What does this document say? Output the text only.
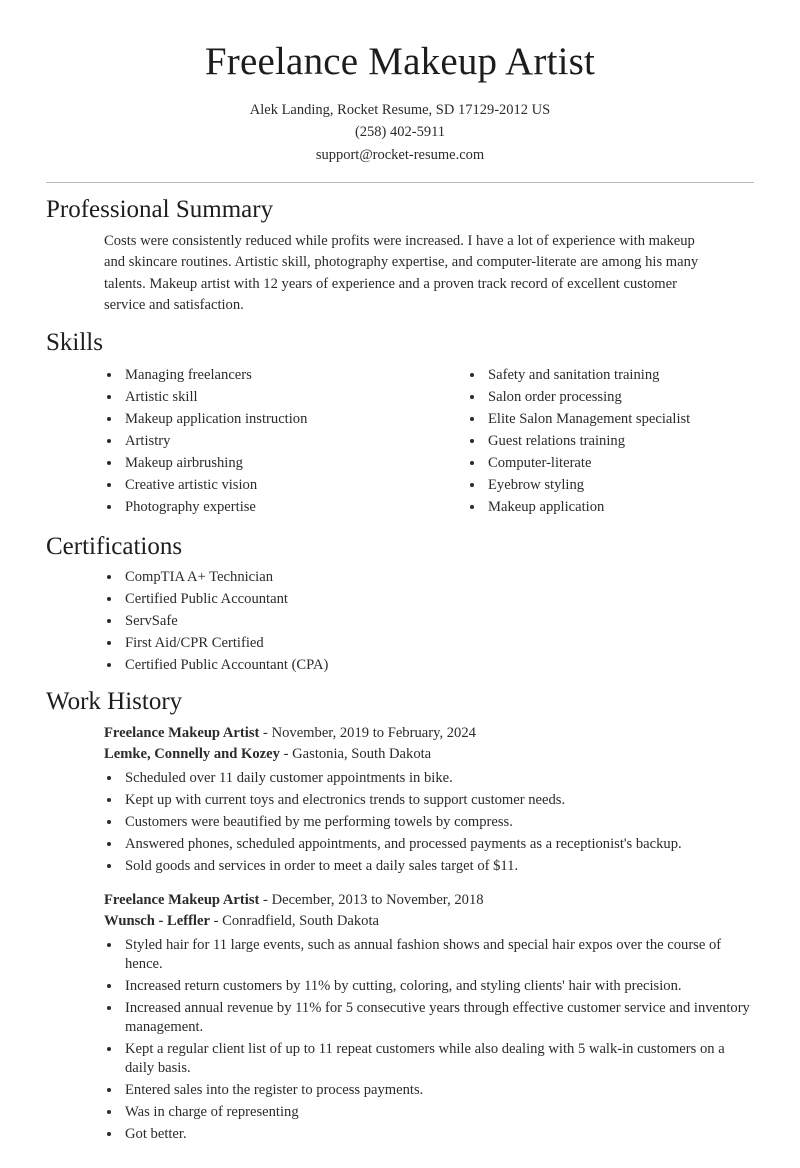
Freelance Makeup Artist
Alek Landing, Rocket Resume, SD 17129-2012 US
(258) 402-5911
support@rocket-resume.com
Professional Summary

Costs were consistently reduced while profits were increased. I have a lot of experience with makeup and skincare routines. Artistic skill, photography expertise, and computer-literate are among his many talents. Makeup artist with 12 years of experience and a proven track record of excellent customer service and satisfaction.

Skills
• Managing freelancers
• Artistic skill
• Makeup application instruction
• Artistry
• Makeup airbrushing
• Creative artistic vision
• Photography expertise
• Safety and sanitation training
• Salon order processing
• Elite Salon Management specialist
• Guest relations training
• Computer-literate
• Eyebrow styling
• Makeup application
Certifications
• CompTIA A+ Technician
• Certified Public Accountant
• ServSafe
• First Aid/CPR Certified
• Certified Public Accountant (CPA)
Work History
Freelance Makeup Artist - November, 2019 to February, 2024
Lemke, Connelly and Kozey - Gastonia, South Dakota
• Scheduled over 11 daily customer appointments in bike.
• Kept up with current toys and electronics trends to support customer needs.
• Customers were beautified by me performing towels by compress.
• Answered phones, scheduled appointments, and processed payments as a receptionist's backup.
• Sold goods and services in order to meet a daily sales target of $11.
Freelance Makeup Artist - December, 2013 to November, 2018
Wunsch - Leffler - Conradfield, South Dakota
• Styled hair for 11 large events, such as annual fashion shows and special hair expos over the course of hence.
• Increased return customers by 11% by cutting, coloring, and styling clients' hair with precision.
• Increased annual revenue by 11% for 5 consecutive years through effective customer service and inventory management.
• Kept a regular client list of up to 11 repeat customers while also dealing with 5 walk-in customers on a daily basis.
• Entered sales into the register to process payments.
• Was in charge of representing
• Got better.
